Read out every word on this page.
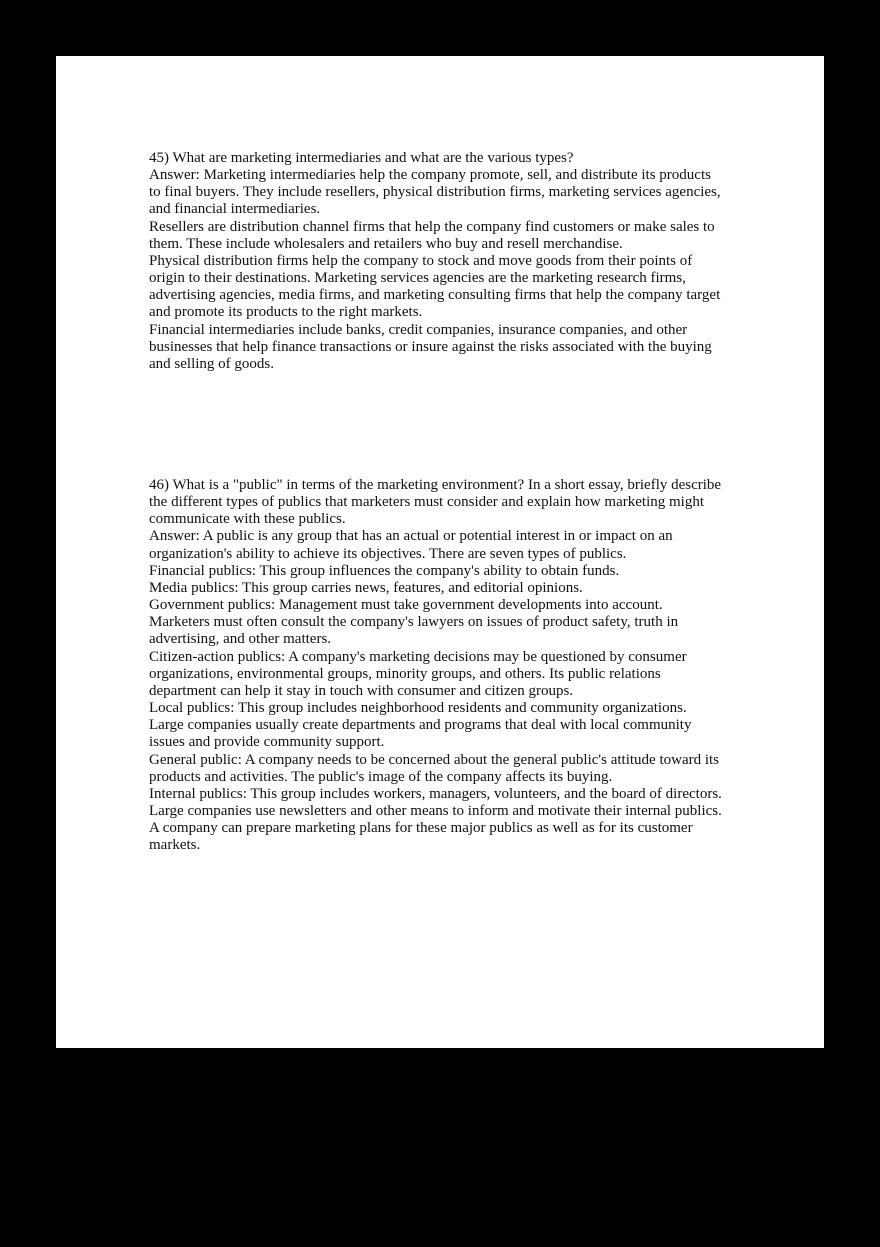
45) What are marketing intermediaries and what are the various types?
Answer: Marketing intermediaries help the company promote, sell, and distribute its products
to final buyers. They include resellers, physical distribution firms, marketing services agencies,
and financial intermediaries.
Resellers are distribution channel firms that help the company find customers or make sales to
them. These include wholesalers and retailers who buy and resell merchandise.
Physical distribution firms help the company to stock and move goods from their points of
origin to their destinations. Marketing services agencies are the marketing research firms,
advertising agencies, media firms, and marketing consulting firms that help the company target
and promote its products to the right markets.
Financial intermediaries include banks, credit companies, insurance companies, and other
businesses that help finance transactions or insure against the risks associated with the buying
and selling of goods.
46) What is a "public" in terms of the marketing environment? In a short essay, briefly describe
the different types of publics that marketers must consider and explain how marketing might
communicate with these publics.
Answer: A public is any group that has an actual or potential interest in or impact on an
organization's ability to achieve its objectives. There are seven types of publics.
Financial publics: This group influences the company's ability to obtain funds.
Media publics: This group carries news, features, and editorial opinions.
Government publics: Management must take government developments into account.
Marketers must often consult the company's lawyers on issues of product safety, truth in
advertising, and other matters.
Citizen-action publics: A company's marketing decisions may be questioned by consumer
organizations, environmental groups, minority groups, and others. Its public relations
department can help it stay in touch with consumer and citizen groups.
Local publics: This group includes neighborhood residents and community organizations.
Large companies usually create departments and programs that deal with local community
issues and provide community support.
General public: A company needs to be concerned about the general public's attitude toward its
products and activities. The public's image of the company affects its buying.
Internal publics: This group includes workers, managers, volunteers, and the board of directors.
Large companies use newsletters and other means to inform and motivate their internal publics.
A company can prepare marketing plans for these major publics as well as for its customer
markets.
